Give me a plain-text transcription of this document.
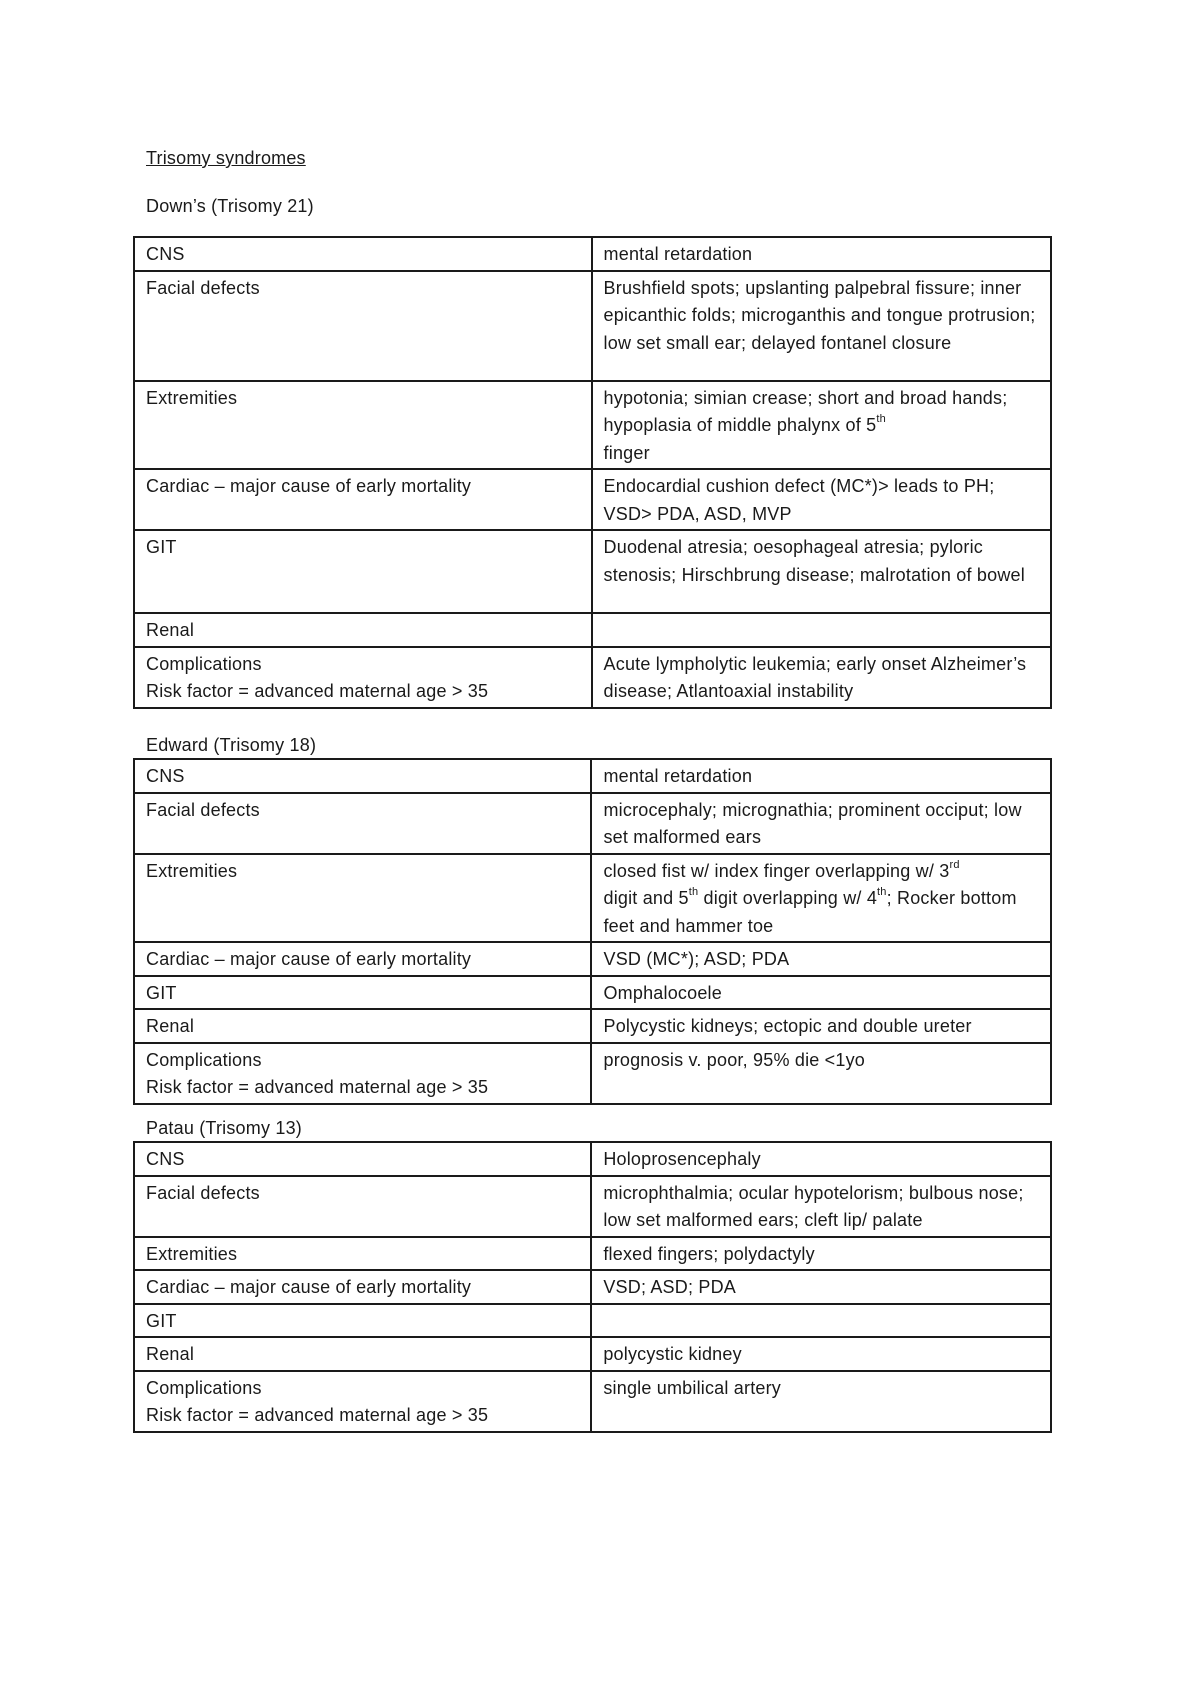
Trisomy syndromes
Down’s (Trisomy 21)
CNS	mental retardation
Facial defects	Brushfield spots; upslanting palpebral fissure; inner epicanthic folds; microganthis and tongue protrusion; low set small ear; delayed fontanel closure
Extremities	hypotonia; simian crease; short and broad hands; hypoplasia of middle phalynx of 5th
finger
Cardiac – major cause of early mortality	Endocardial cushion defect (MC*)> leads to PH; VSD> PDA, ASD, MVP
GIT	Duodenal atresia; oesophageal atresia; pyloric stenosis; Hirschbrung disease; malrotation of bowel
Renal	
Complications
Risk factor = advanced maternal age > 35	Acute lympholytic leukemia; early onset Alzheimer’s disease; Atlantoaxial instability
Edward (Trisomy 18)
CNS	mental retardation
Facial defects	microcephaly; micrognathia; prominent occiput; low set malformed ears
Extremities	closed fist w/ index finger overlapping w/ 3rd
digit and 5th digit overlapping w/ 4th; Rocker bottom feet and hammer toe
Cardiac – major cause of early mortality	VSD (MC*); ASD; PDA
GIT	Omphalocoele
Renal	Polycystic kidneys; ectopic and double ureter
Complications
Risk factor = advanced maternal age > 35	prognosis v. poor, 95% die <1yo
Patau (Trisomy 13)
CNS	Holoprosencephaly
Facial defects	microphthalmia; ocular hypotelorism; bulbous nose; low set malformed ears; cleft lip/ palate
Extremities	flexed fingers; polydactyly
Cardiac – major cause of early mortality	VSD; ASD; PDA
GIT	
Renal	polycystic kidney
Complications
Risk factor = advanced maternal age > 35	single umbilical artery
